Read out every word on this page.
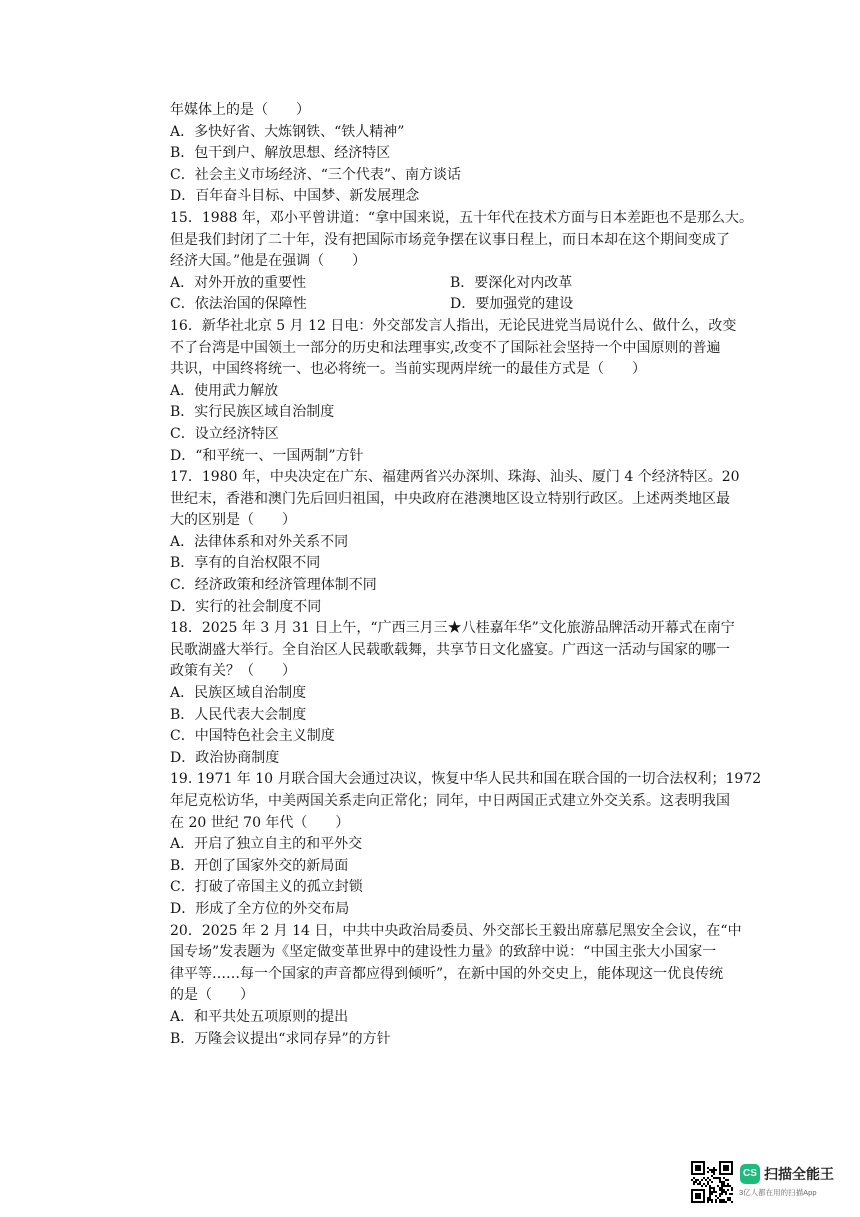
年媒体上的是（　　）
A．多快好省、大炼钢铁、“铁人精神”
B．包干到户、解放思想、经济特区
C．社会主义市场经济、“三个代表”、南方谈话
D．百年奋斗目标、中国梦、新发展理念
15．1988 年，邓小平曾讲道：“拿中国来说，五十年代在技术方面与日本差距也不是那么大。
但是我们封闭了二十年，没有把国际市场竞争摆在议事日程上，而日本却在这个期间变成了
经济大国。”他是在强调（　　）
A．对外开放的重要性	B．要深化对内改革
C．依法治国的保障性	D．要加强党的建设
16．新华社北京 5 月 12 日电：外交部发言人指出，无论民进党当局说什么、做什么，改变
不了台湾是中国领土一部分的历史和法理事实,改变不了国际社会坚持一个中国原则的普遍
共识，中国终将统一、也必将统一。当前实现两岸统一的最佳方式是（　　）
A．使用武力解放
B．实行民族区域自治制度
C．设立经济特区
D．“和平统一、一国两制”方针
17．1980 年，中央决定在广东、福建两省兴办深圳、珠海、汕头、厦门 4 个经济特区。20
世纪末，香港和澳门先后回归祖国，中央政府在港澳地区设立特别行政区。上述两类地区最
大的区别是（　　）
A．法律体系和对外关系不同
B．享有的自治权限不同
C．经济政策和经济管理体制不同
D．实行的社会制度不同
18．2025 年 3 月 31 日上午，“广西三月三★八桂嘉年华”文化旅游品牌活动开幕式在南宁
民歌湖盛大举行。全自治区人民载歌载舞，共享节日文化盛宴。广西这一活动与国家的哪一
政策有关？（　　）
A．民族区域自治制度
B．人民代表大会制度
C．中国特色社会主义制度
D．政治协商制度
19. 1971 年 10 月联合国大会通过决议，恢复中华人民共和国在联合国的一切合法权利；1972
年尼克松访华，中美两国关系走向正常化；同年，中日两国正式建立外交关系。这表明我国
在 20 世纪 70 年代（　　）
A．开启了独立自主的和平外交
B．开创了国家外交的新局面
C．打破了帝国主义的孤立封锁
D．形成了全方位的外交布局
20．2025 年 2 月 14 日，中共中央政治局委员、外交部长王毅出席慕尼黑安全会议，在“中
国专场”发表题为《坚定做变革世界中的建设性力量》的致辞中说：“中国主张大小国家一
律平等……每一个国家的声音都应得到倾听”，在新中国的外交史上，能体现这一优良传统
的是（　　）
A．和平共处五项原则的提出
B．万隆会议提出“求同存异”的方针
CS 扫描全能王
3亿人都在用的扫描App
